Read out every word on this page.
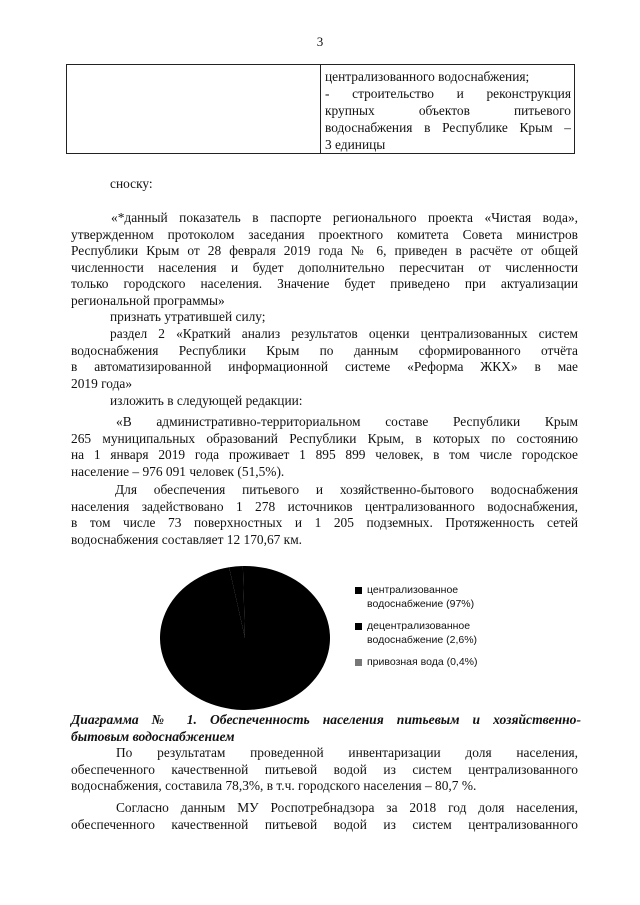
3
централизованного водоснабжения;
- строительство и реконструкция
крупных объектов питьевого
водоснабжения в Республике Крым –
3 единицы
сноску:
«*данный показатель в паспорте регионального проекта «Чистая вода»,
утвержденном протоколом заседания проектного комитета Совета министров
Республики Крым от 28 февраля 2019 года № 6, приведен в расчёте от общей
численности населения и будет дополнительно пересчитан от численности
только городского населения. Значение будет приведено при актуализации
региональной программы»
признать утратившей силу;
раздел 2 «Краткий анализ результатов оценки централизованных систем
водоснабжения Республики Крым по данным сформированного отчёта
в автоматизированной информационной системе «Реформа ЖКХ» в мае
2019 года»
изложить в следующей редакции:
«В административно-территориальном составе Республики Крым
265 муниципальных образований Республики Крым, в которых по состоянию
на 1 января 2019 года проживает 1 895 899 человек, в том числе городское
население – 976 091 человек (51,5%).
Для обеспечения питьевого и хозяйственно-бытового водоснабжения
населения задействовано 1 278 источников централизованного водоснабжения,
в том числе 73 поверхностных и 1 205 подземных. Протяженность сетей
водоснабжения составляет 12 170,67 км.
централизованное
водоснабжение (97%)
децентрализованное
водоснабжение (2,6%)
привозная вода (0,4%)
Диаграмма № 1. Обеспеченность населения питьевым и хозяйственно-
бытовым водоснабжением
По результатам проведенной инвентаризации доля населения,
обеспеченного качественной питьевой водой из систем централизованного
водоснабжения, составила 78,3%, в т.ч. городского населения – 80,7 %.
Согласно данным МУ Роспотребнадзора за 2018 год доля населения,
обеспеченного качественной питьевой водой из систем централизованного
